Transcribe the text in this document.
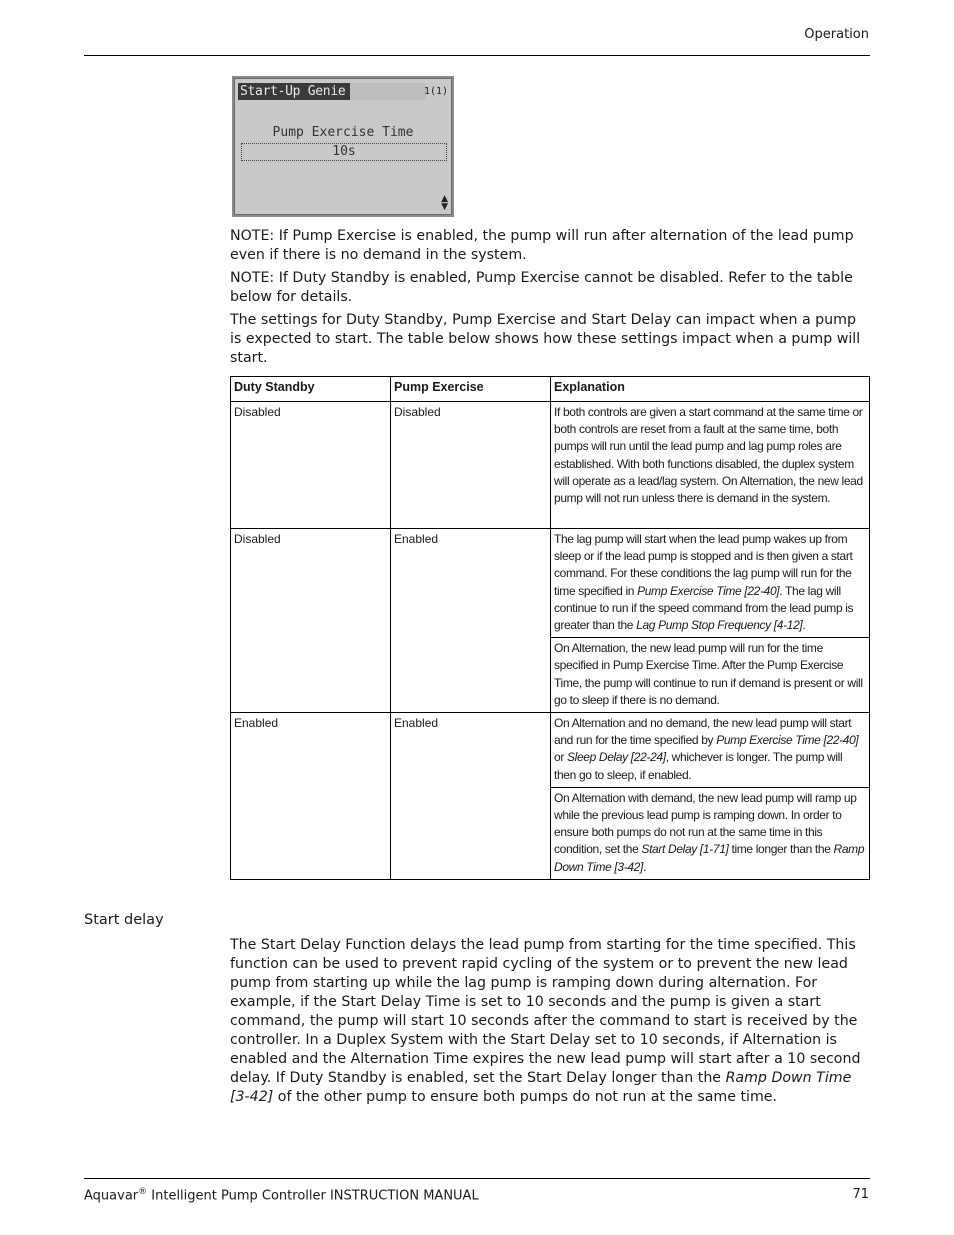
Operation
Start-Up Genie	1(1)
Pump Exercise Time
10s
▲
▼
NOTE: If Pump Exercise is enabled, the pump will run after alternation of the lead pump even if there is no demand in the system.
NOTE: If Duty Standby is enabled, Pump Exercise cannot be disabled. Refer to the table below for details.
The settings for Duty Standby, Pump Exercise and Start Delay can impact when a pump is expected to start. The table below shows how these settings impact when a pump will start.
Duty Standby	Pump Exercise	Explanation
Disabled	Disabled	If both controls are given a start command at the same time or both controls are reset from a fault at the same time, both pumps will run until the lead pump and lag pump roles are established. With both functions disabled, the duplex system will operate as a lead/lag system. On Alternation, the new lead pump will not run unless there is demand in the system.
Disabled	Enabled	The lag pump will start when the lead pump wakes up from sleep or if the lead pump is stopped and is then given a start command. For these conditions the lag pump will run for the time specified in Pump Exercise Time [22-40]. The lag will continue to run if the speed command from the lead pump is greater than the Lag Pump Stop Frequency [4-12].
		On Alternation, the new lead pump will run for the time specified in Pump Exercise Time. After the Pump Exercise Time, the pump will continue to run if demand is present or will go to sleep if there is no demand.
Enabled	Enabled	On Alternation and no demand, the new lead pump will start and run for the time specified by Pump Exercise Time [22-40] or Sleep Delay [22-24], whichever is longer. The pump will then go to sleep, if enabled.
		On Alternation with demand, the new lead pump will ramp up while the previous lead pump is ramping down. In order to ensure both pumps do not run at the same time in this condition, set the Start Delay [1-71] time longer than the Ramp Down Time [3-42].
Start delay
The Start Delay Function delays the lead pump from starting for the time specified. This function can be used to prevent rapid cycling of the system or to prevent the new lead pump from starting up while the lag pump is ramping down during alternation. For example, if the Start Delay Time is set to 10 seconds and the pump is given a start command, the pump will start 10 seconds after the command to start is received by the controller. In a Duplex System with the Start Delay set to 10 seconds, if Alternation is enabled and the Alternation Time expires the new lead pump will start after a 10 second delay. If Duty Standby is enabled, set the Start Delay longer than the Ramp Down Time [3-42] of the other pump to ensure both pumps do not run at the same time.
Aquavar® Intelligent Pump Controller INSTRUCTION MANUAL	71
